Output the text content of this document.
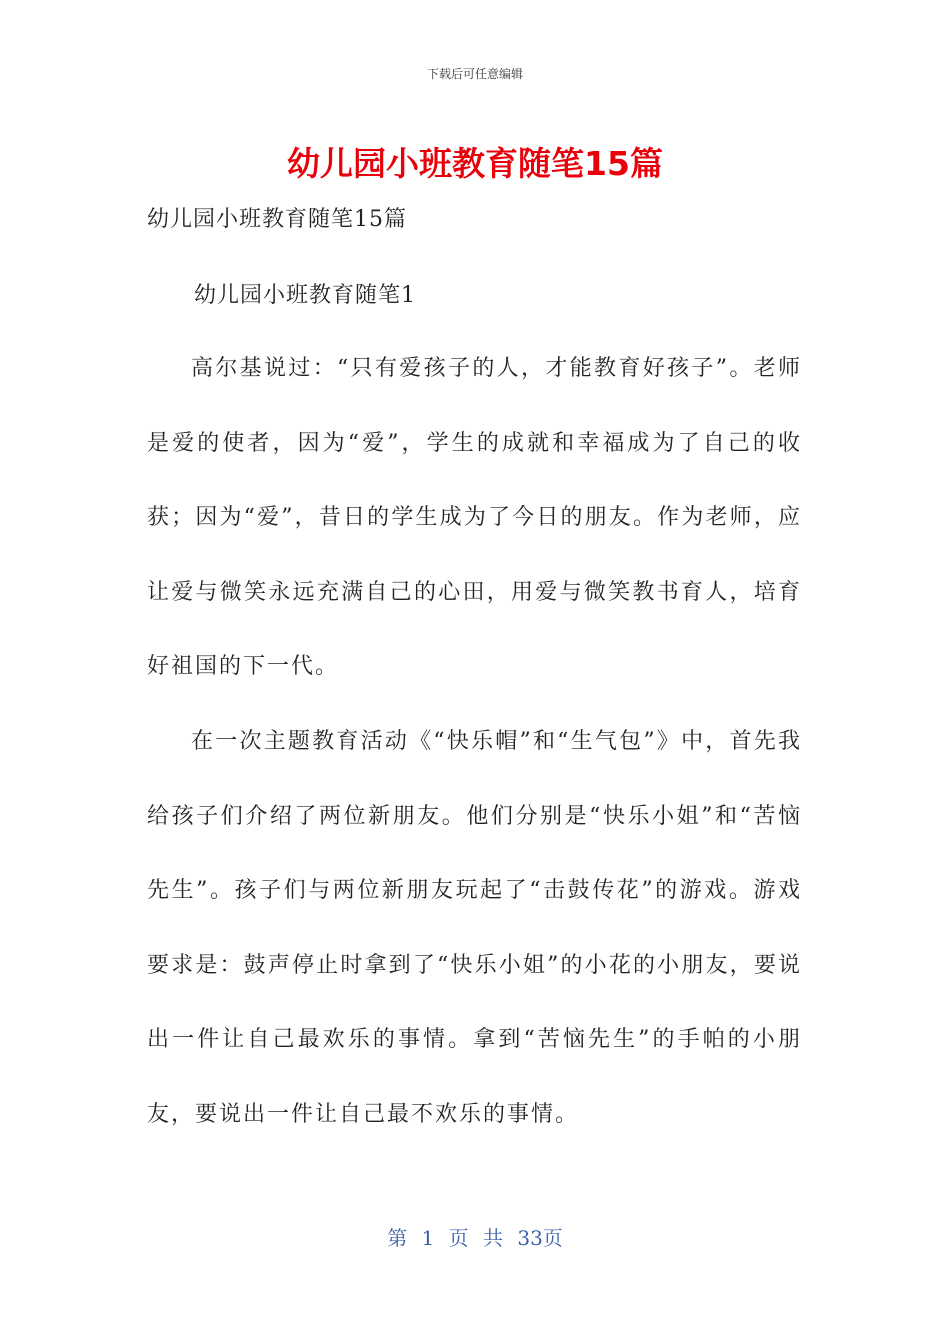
下载后可任意编辑
幼儿园小班教育随笔15篇
幼儿园小班教育随笔15篇
幼儿园小班教育随笔1

高尔基说过：“只有爱孩子的人，才能教育好孩子”。老师是爱的使者，因为“爱”，学生的成就和幸福成为了自己的收获；因为“爱”，昔日的学生成为了今日的朋友。作为老师，应让爱与微笑永远充满自己的心田，用爱与微笑教书育人，培育好祖国的下一代。

在一次主题教育活动《“快乐帽”和“生气包”》中，首先我给孩子们介绍了两位新朋友。他们分别是“快乐小姐”和“苦恼先生”。孩子们与两位新朋友玩起了“击鼓传花”的游戏。游戏要求是：鼓声停止时拿到了“快乐小姐”的小花的小朋友，要说出一件让自己最欢乐的事情。拿到“苦恼先生”的手帕的小朋友，要说出一件让自己最不欢乐的事情。

第 1 页 共 33页
